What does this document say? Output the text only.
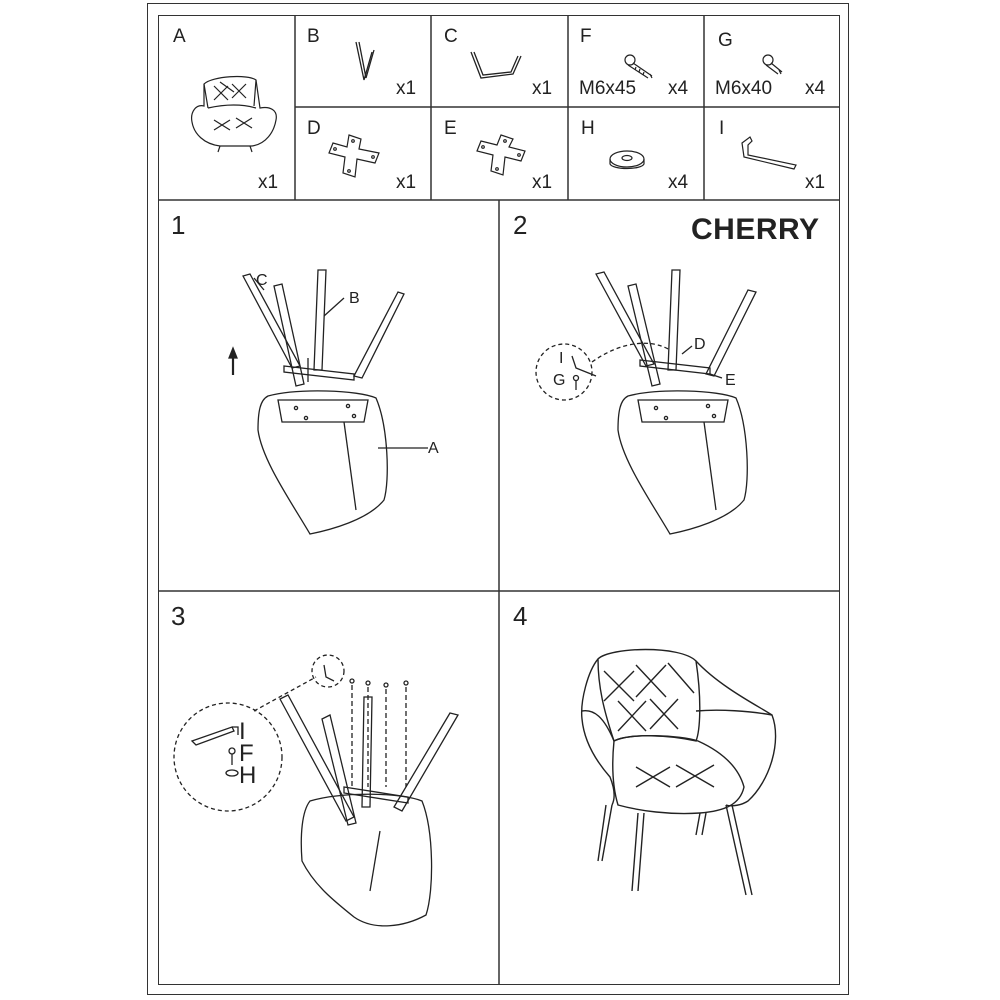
A
x1
B
x1
C
x1
F
M6x45 x4
G
M6x40 x4
D
x1
E
x1
H
x4
I
x1
1
C
B
A
2	CHERRY
D
E
I
G
3
I
F
H
4
